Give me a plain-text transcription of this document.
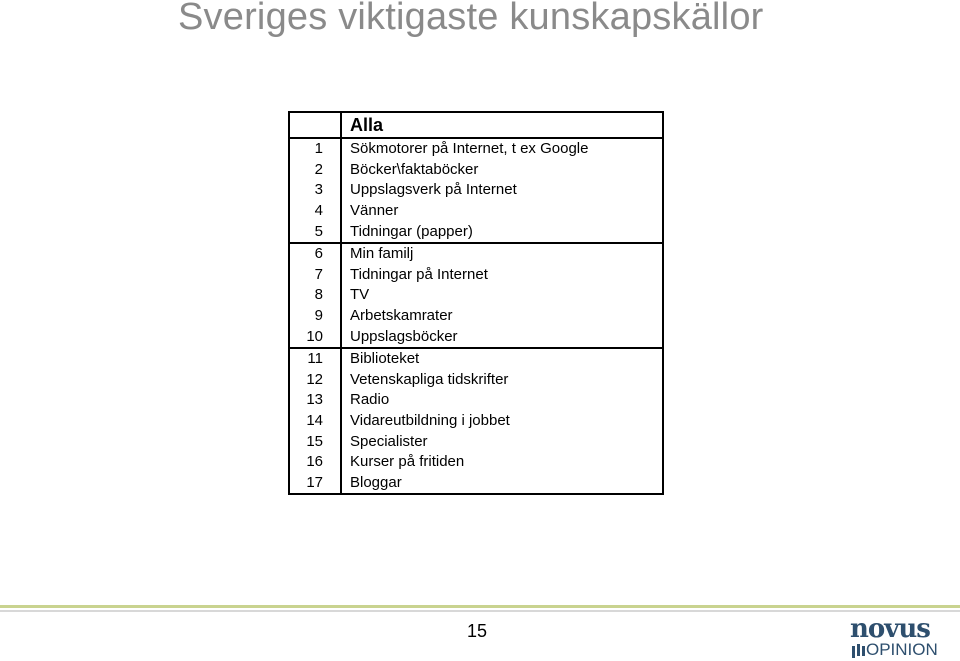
Sveriges viktigaste kunskapskällor
	Alla
1	Sökmotorer på Internet, t ex Google
2	Böcker\faktaböcker
3	Uppslagsverk på Internet
4	Vänner
5	Tidningar (papper)
6	Min familj
7	Tidningar på Internet
8	TV
9	Arbetskamrater
10	Uppslagsböcker
11	Biblioteket
12	Vetenskapliga tidskrifter
13	Radio
14	Vidareutbildning i jobbet
15	Specialister
16	Kurser på fritiden
17	Bloggar
15	novus
OPINION
